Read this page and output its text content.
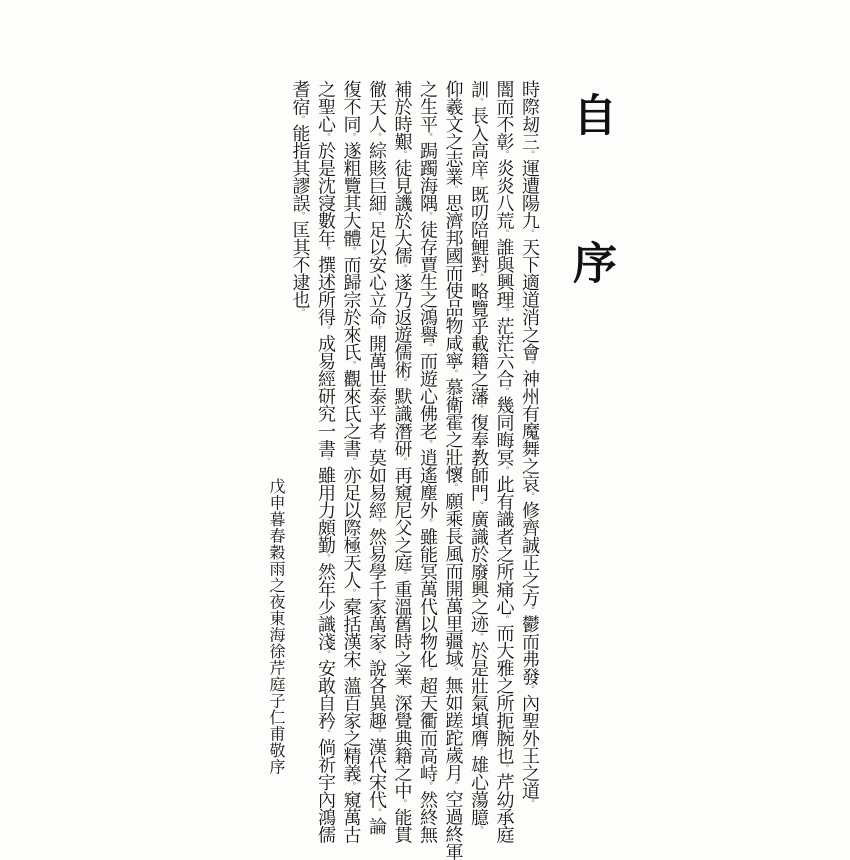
自序
時際刼三。運遭陽九。天下適道消之會。神州有魔舞之哀。修齊誠正之方。鬱而弗發。內聖外王之道。
闇而不彰。炎炎八荒。誰與興理。茫茫六合。幾同晦冥。此有識者之所痛心。而大雅之所扼腕也。芹幼承庭
訓。長入高庠。既叨陪鯉對。略覽乎載籍之藩。復奉教師門。廣識於廢興之迹。於是壯氣填膺。雄心蕩臆。
仰羲文之志業。思濟邦國而使品物咸寧。慕衛霍之壯懷。願乘長風而開萬里疆域。無如蹉跎歲月。空過終軍
之生平。跼躅海隅。徒存賈生之鴻譽。而遊心佛老。逍遙塵外。雖能冥萬代以物化。超天衢而高峙。然終無
補於時艱。徒見譏於大儒。遂乃返遊儒術。默識潛研。再窺尼父之庭。重溫舊時之業。深覺典籍之中。能貫
徹天人。綜賅巨細。足以安心立命。開萬世泰平者。莫如易經。然易學千家萬家。說各異趣。漢代宋代。論
復不同。遂粗覽其大體。而歸宗於來氏。觀來氏之書。亦足以際極天人。槖括漢宋。薀百家之精義。窺萬古
之聖心。於是沈寖數年。撰述所得。成易經研究一書。雖用力頗勤。然年少識淺。安敢自矜。倘祈宇內鴻儒
耆宿。能指其謬誤。匡其不逮也。
戊申暮春穀雨之夜東海徐芹庭子仁甫敬序
